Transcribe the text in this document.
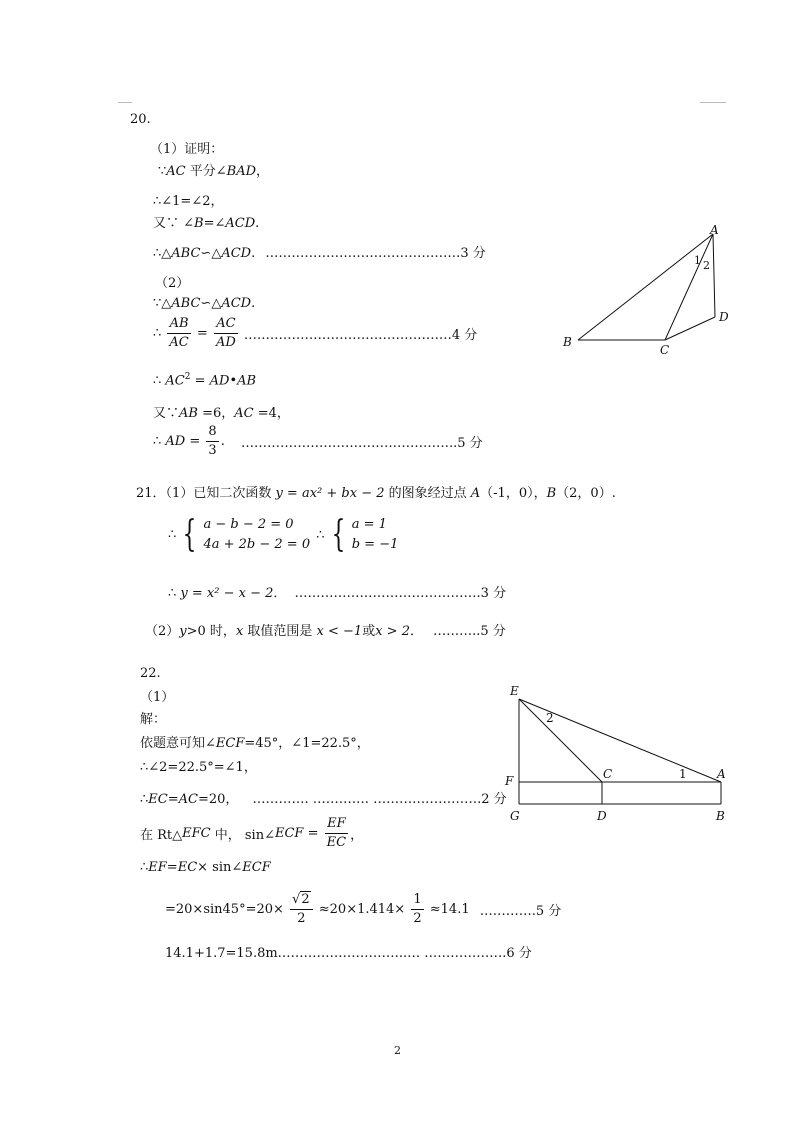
20.
（1）证明：
∵AC 平分∠BAD，
∴∠1=∠2，
又∵ ∠B=∠ACD.
∴△ABC∽△ACD. ………………………………………3 分
（2）
∵△ABC∽△ACD.
∴ $\frac{AB}{AC} = \frac{AC}{AD}$ …………………………………………4 分
∴ $AC^2$ = AD•AB
又∵AB =6，AC =4，
∴ AD = $\frac{8}{3}$ . …………………………………………..5 分
A
B
C
D
1 2
21．（1）已知二次函数 y = ax² + bx − 2 的图象经过点 A（-1，0），B（2，0）.
∴ { a − b − 2 = 0
4a + 2b − 2 = 0
∴ { a = 1
b = −1
∴ y = x² − x − 2． …………………………………….3 分
（2）y>0 时，x 取值范围是 x < −1或x > 2． ………..5 分
22.
（1）
解：
依题意可知∠ECF=45°，∠1=22.5°，
∴∠2=22.5°=∠1，
∴EC=AC=20， …………. …………. …………………….2 分
在 Rt△EFC 中， sin∠ECF = $\frac{EF}{EC}$ ，
∴EF=EC× sin∠ECF
$=20\times\sin 45^\circ=20\times \frac{√2}{2} \approx 20\times 1.414\times \frac{1}{2} \approx 14.1$ ………….5 分
14.1+1.7=15.8m.………………………..… ……………….6 分
E
F
G	D
C	A
B
1
2
2
